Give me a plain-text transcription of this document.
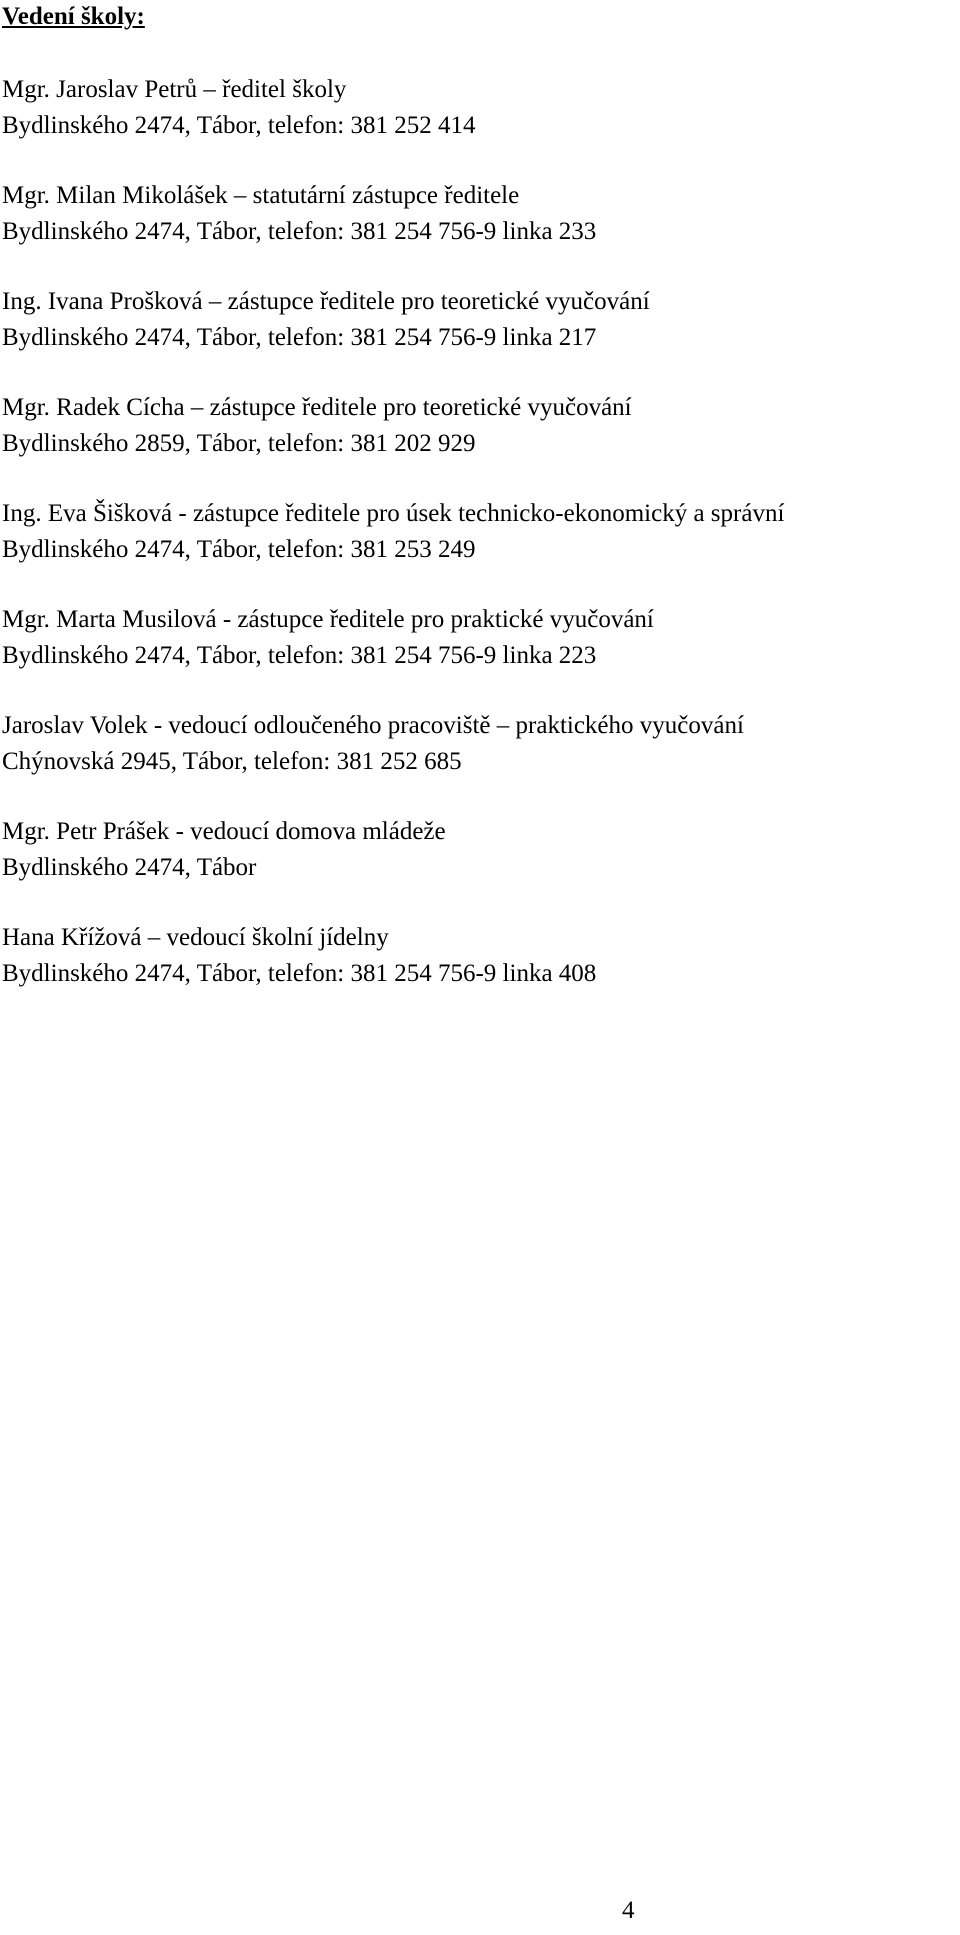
Vedení školy:
Mgr. Jaroslav Petrů – ředitel školy
Bydlinského 2474, Tábor, telefon: 381 252 414
Mgr. Milan Mikolášek – statutární zástupce ředitele
Bydlinského 2474, Tábor, telefon: 381 254 756-9 linka 233
Ing. Ivana Prošková – zástupce ředitele pro teoretické vyučování
Bydlinského 2474, Tábor, telefon: 381 254 756-9 linka 217
Mgr. Radek Cícha – zástupce ředitele pro teoretické vyučování
Bydlinského 2859, Tábor, telefon: 381 202 929
Ing. Eva Šišková - zástupce ředitele pro úsek technicko-ekonomický a správní
Bydlinského 2474, Tábor, telefon: 381 253 249
Mgr. Marta Musilová - zástupce ředitele pro praktické vyučování
Bydlinského 2474, Tábor, telefon: 381 254 756-9 linka 223
Jaroslav Volek - vedoucí odloučeného pracoviště – praktického vyučování
Chýnovská 2945, Tábor, telefon: 381 252 685
Mgr. Petr Prášek - vedoucí domova mládeže
Bydlinského 2474, Tábor
Hana Křížová – vedoucí školní jídelny
Bydlinského 2474, Tábor, telefon: 381 254 756-9 linka 408
4
